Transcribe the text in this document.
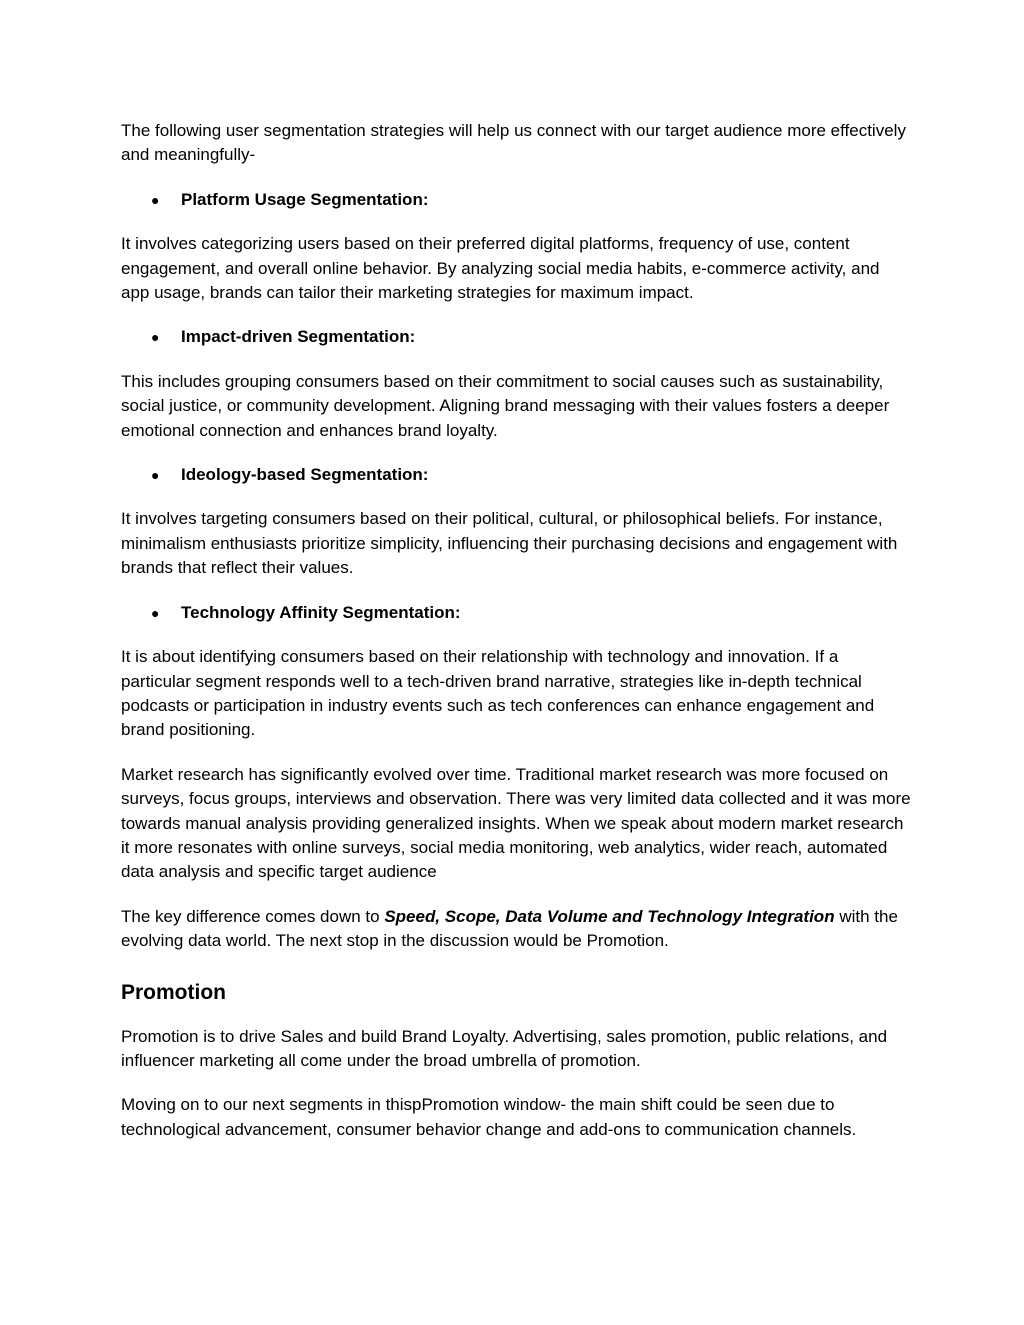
The following user segmentation strategies will help us connect with our target audience more effectively and meaningfully-

● Platform Usage Segmentation:

It involves categorizing users based on their preferred digital platforms, frequency of use, content engagement, and overall online behavior. By analyzing social media habits, e-commerce activity, and app usage, brands can tailor their marketing strategies for maximum impact.

● Impact-driven Segmentation:

This includes grouping consumers based on their commitment to social causes such as sustainability, social justice, or community development. Aligning brand messaging with their values fosters a deeper emotional connection and enhances brand loyalty.

● Ideology-based Segmentation:

It involves targeting consumers based on their political, cultural, or philosophical beliefs. For instance, minimalism enthusiasts prioritize simplicity, influencing their purchasing decisions and engagement with brands that reflect their values.

● Technology Affinity Segmentation:

It is about identifying consumers based on their relationship with technology and innovation. If a particular segment responds well to a tech-driven brand narrative, strategies like in-depth technical podcasts or participation in industry events such as tech conferences can enhance engagement and brand positioning.

Market research has significantly evolved over time. Traditional market research was more focused on surveys, focus groups, interviews and observation. There was very limited data collected and it was more towards manual analysis providing generalized insights. When we speak about modern market research it more resonates with online surveys, social media monitoring, web analytics, wider reach, automated data analysis and specific target audience

The key difference comes down to Speed, Scope, Data Volume and Technology Integration with the evolving data world. The next stop in the discussion would be Promotion.

Promotion

Promotion is to drive Sales and build Brand Loyalty. Advertising, sales promotion, public relations, and influencer marketing all come under the broad umbrella of promotion.

Moving on to our next segments in thispPromotion window- the main shift could be seen due to technological advancement, consumer behavior change and add-ons to communication channels.
